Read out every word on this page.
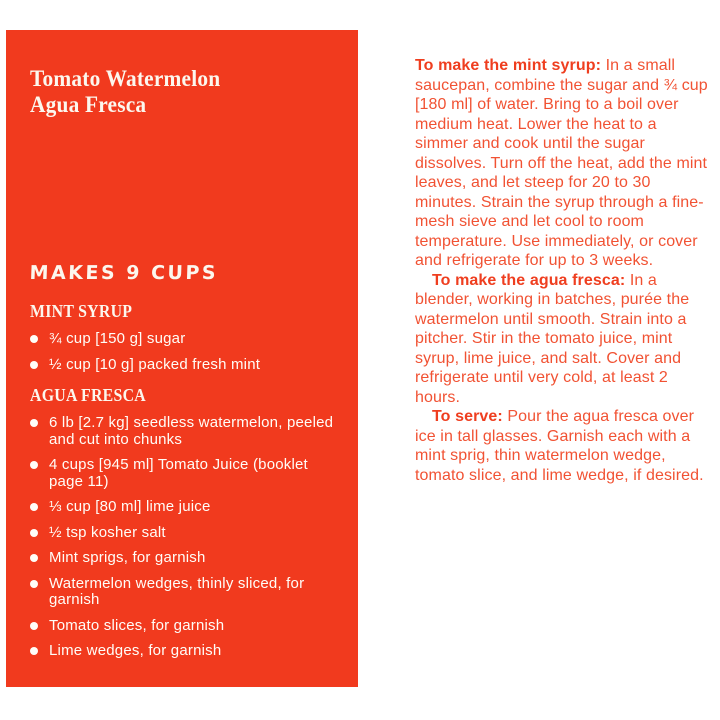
Tomato Watermelon
Agua Fresca
MAKES 9 CUPS
MINT SYRUP
¾ cup [150 g] sugar
½ cup [10 g] packed fresh mint
AGUA FRESCA
6 lb [2.7 kg] seedless watermelon, peeled and cut into chunks
4 cups [945 ml] Tomato Juice (booklet page 11)
⅓ cup [80 ml] lime juice
½ tsp kosher salt
Mint sprigs, for garnish
Watermelon wedges, thinly sliced, for garnish
Tomato slices, for garnish
Lime wedges, for garnish

To make the mint syrup: In a small saucepan, combine the sugar and ¾ cup [180 ml] of water. Bring to a boil over medium heat. Lower the heat to a simmer and cook until the sugar dissolves. Turn off the heat, add the mint leaves, and let steep for 20 to 30 minutes. Strain the syrup through a fine-mesh sieve and let cool to room temperature. Use immediately, or cover and refrigerate for up to 3 weeks.

To make the agua fresca: In a blender, working in batches, purée the watermelon until smooth. Strain into a pitcher. Stir in the tomato juice, mint syrup, lime juice, and salt. Cover and refrigerate until very cold, at least 2 hours.

To serve: Pour the agua fresca over ice in tall glasses. Garnish each with a mint sprig, thin watermelon wedge, tomato slice, and lime wedge, if desired.
